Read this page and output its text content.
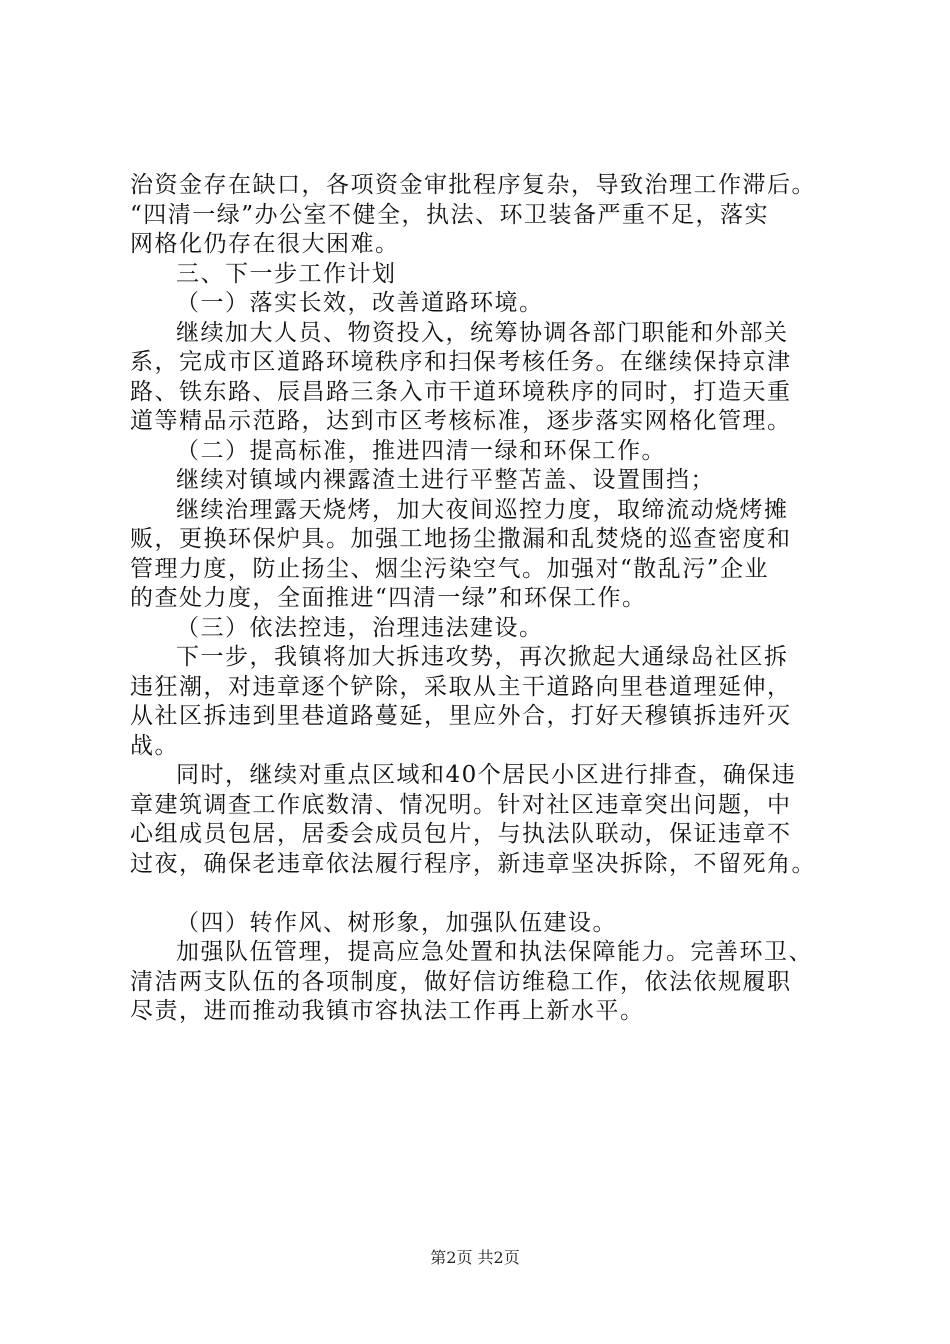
治资金存在缺口，各项资金审批程序复杂，导致治理工作滞后。

“四清一绿”办公室不健全，执法、环卫装备严重不足，落实

网格化仍存在很大困难。

三、下一步工作计划

（一）落实长效，改善道路环境。

继续加大人员、物资投入，统筹协调各部门职能和外部关

系，完成市区道路环境秩序和扫保考核任务。在继续保持京津

路、铁东路、辰昌路三条入市干道环境秩序的同时，打造天重

道等精品示范路，达到市区考核标准，逐步落实网格化管理。

（二）提高标准，推进四清一绿和环保工作。

继续对镇域内裸露渣土进行平整苫盖、设置围挡；

继续治理露天烧烤，加大夜间巡控力度，取缔流动烧烤摊

贩，更换环保炉具。加强工地扬尘撒漏和乱焚烧的巡查密度和

管理力度，防止扬尘、烟尘污染空气。加强对“散乱污”企业

的查处力度，全面推进“四清一绿”和环保工作。

（三）依法控违，治理违法建设。

下一步，我镇将加大拆违攻势，再次掀起大通绿岛社区拆

违狂潮，对违章逐个铲除，采取从主干道路向里巷道理延伸，

从社区拆违到里巷道路蔓延，里应外合，打好天穆镇拆违歼灭

战。

同时，继续对重点区域和40个居民小区进行排查，确保违

章建筑调查工作底数清、情况明。针对社区违章突出问题，中

心组成员包居，居委会成员包片，与执法队联动，保证违章不

过夜，确保老违章依法履行程序，新违章坚决拆除，不留死角。

（四）转作风、树形象，加强队伍建设。

加强队伍管理，提高应急处置和执法保障能力。完善环卫、

清洁两支队伍的各项制度，做好信访维稳工作，依法依规履职

尽责，进而推动我镇市容执法工作再上新水平。

第2页 共2页
